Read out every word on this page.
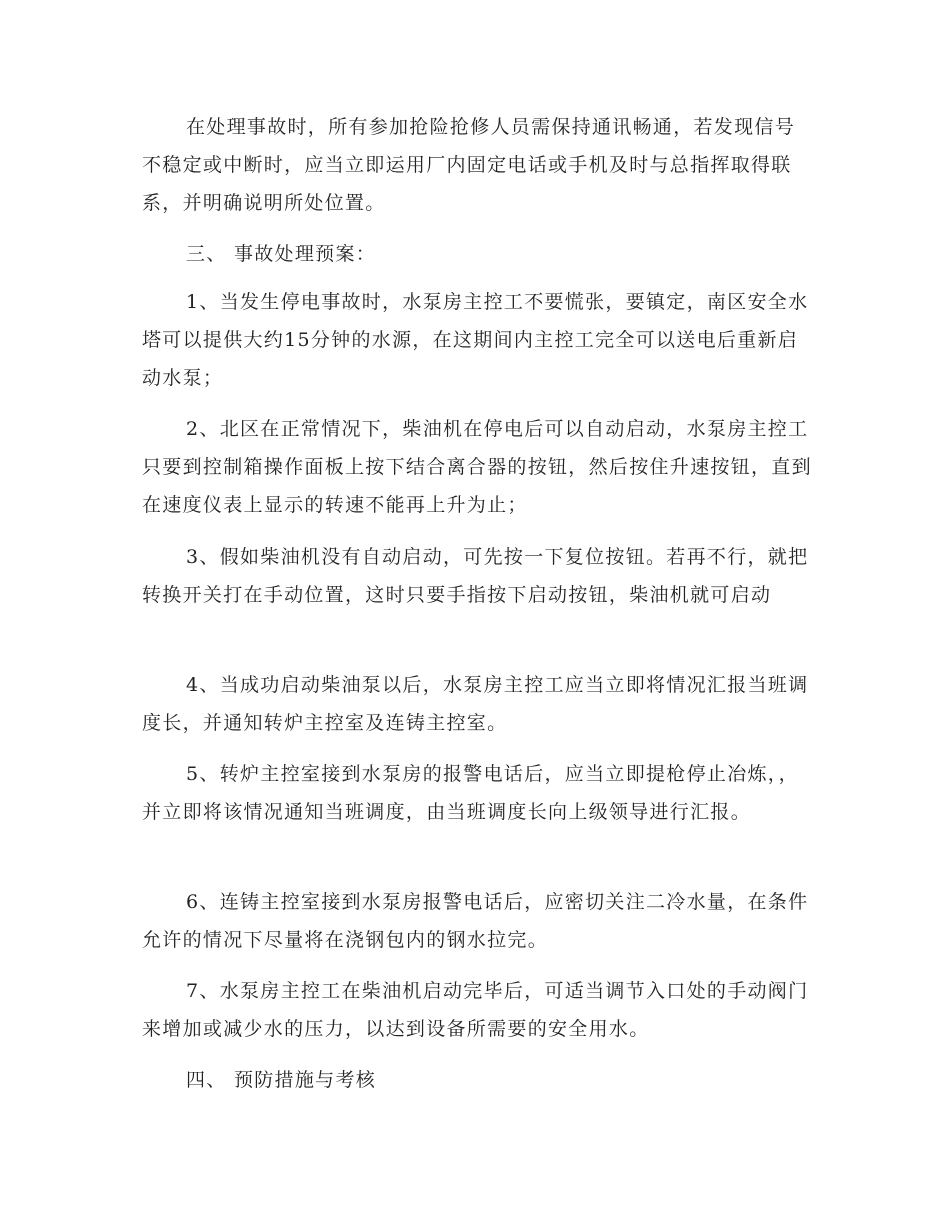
在处理事故时，所有参加抢险抢修人员需保持通讯畅通，若发现信号不稳定或中断时，应当立即运用厂内固定电话或手机及时与总指挥取得联系，并明确说明所处位置。

三、 事故处理预案：

1、当发生停电事故时，水泵房主控工不要慌张，要镇定，南区安全水塔可以提供大约15分钟的水源，在这期间内主控工完全可以送电后重新启动水泵；

2、北区在正常情况下，柴油机在停电后可以自动启动，水泵房主控工只要到控制箱操作面板上按下结合离合器的按钮，然后按住升速按钮，直到在速度仪表上显示的转速不能再上升为止；

3、假如柴油机没有自动启动，可先按一下复位按钮。若再不行，就把转换开关打在手动位置，这时只要手指按下启动按钮，柴油机就可启动

4、当成功启动柴油泵以后，水泵房主控工应当立即将情况汇报当班调度长，并通知转炉主控室及连铸主控室。

5、转炉主控室接到水泵房的报警电话后，应当立即提枪停止冶炼，，并立即将该情况通知当班调度，由当班调度长向上级领导进行汇报。

6、连铸主控室接到水泵房报警电话后，应密切关注二冷水量，在条件允许的情况下尽量将在浇钢包内的钢水拉完。

7、水泵房主控工在柴油机启动完毕后，可适当调节入口处的手动阀门来增加或减少水的压力，以达到设备所需要的安全用水。

四、 预防措施与考核
